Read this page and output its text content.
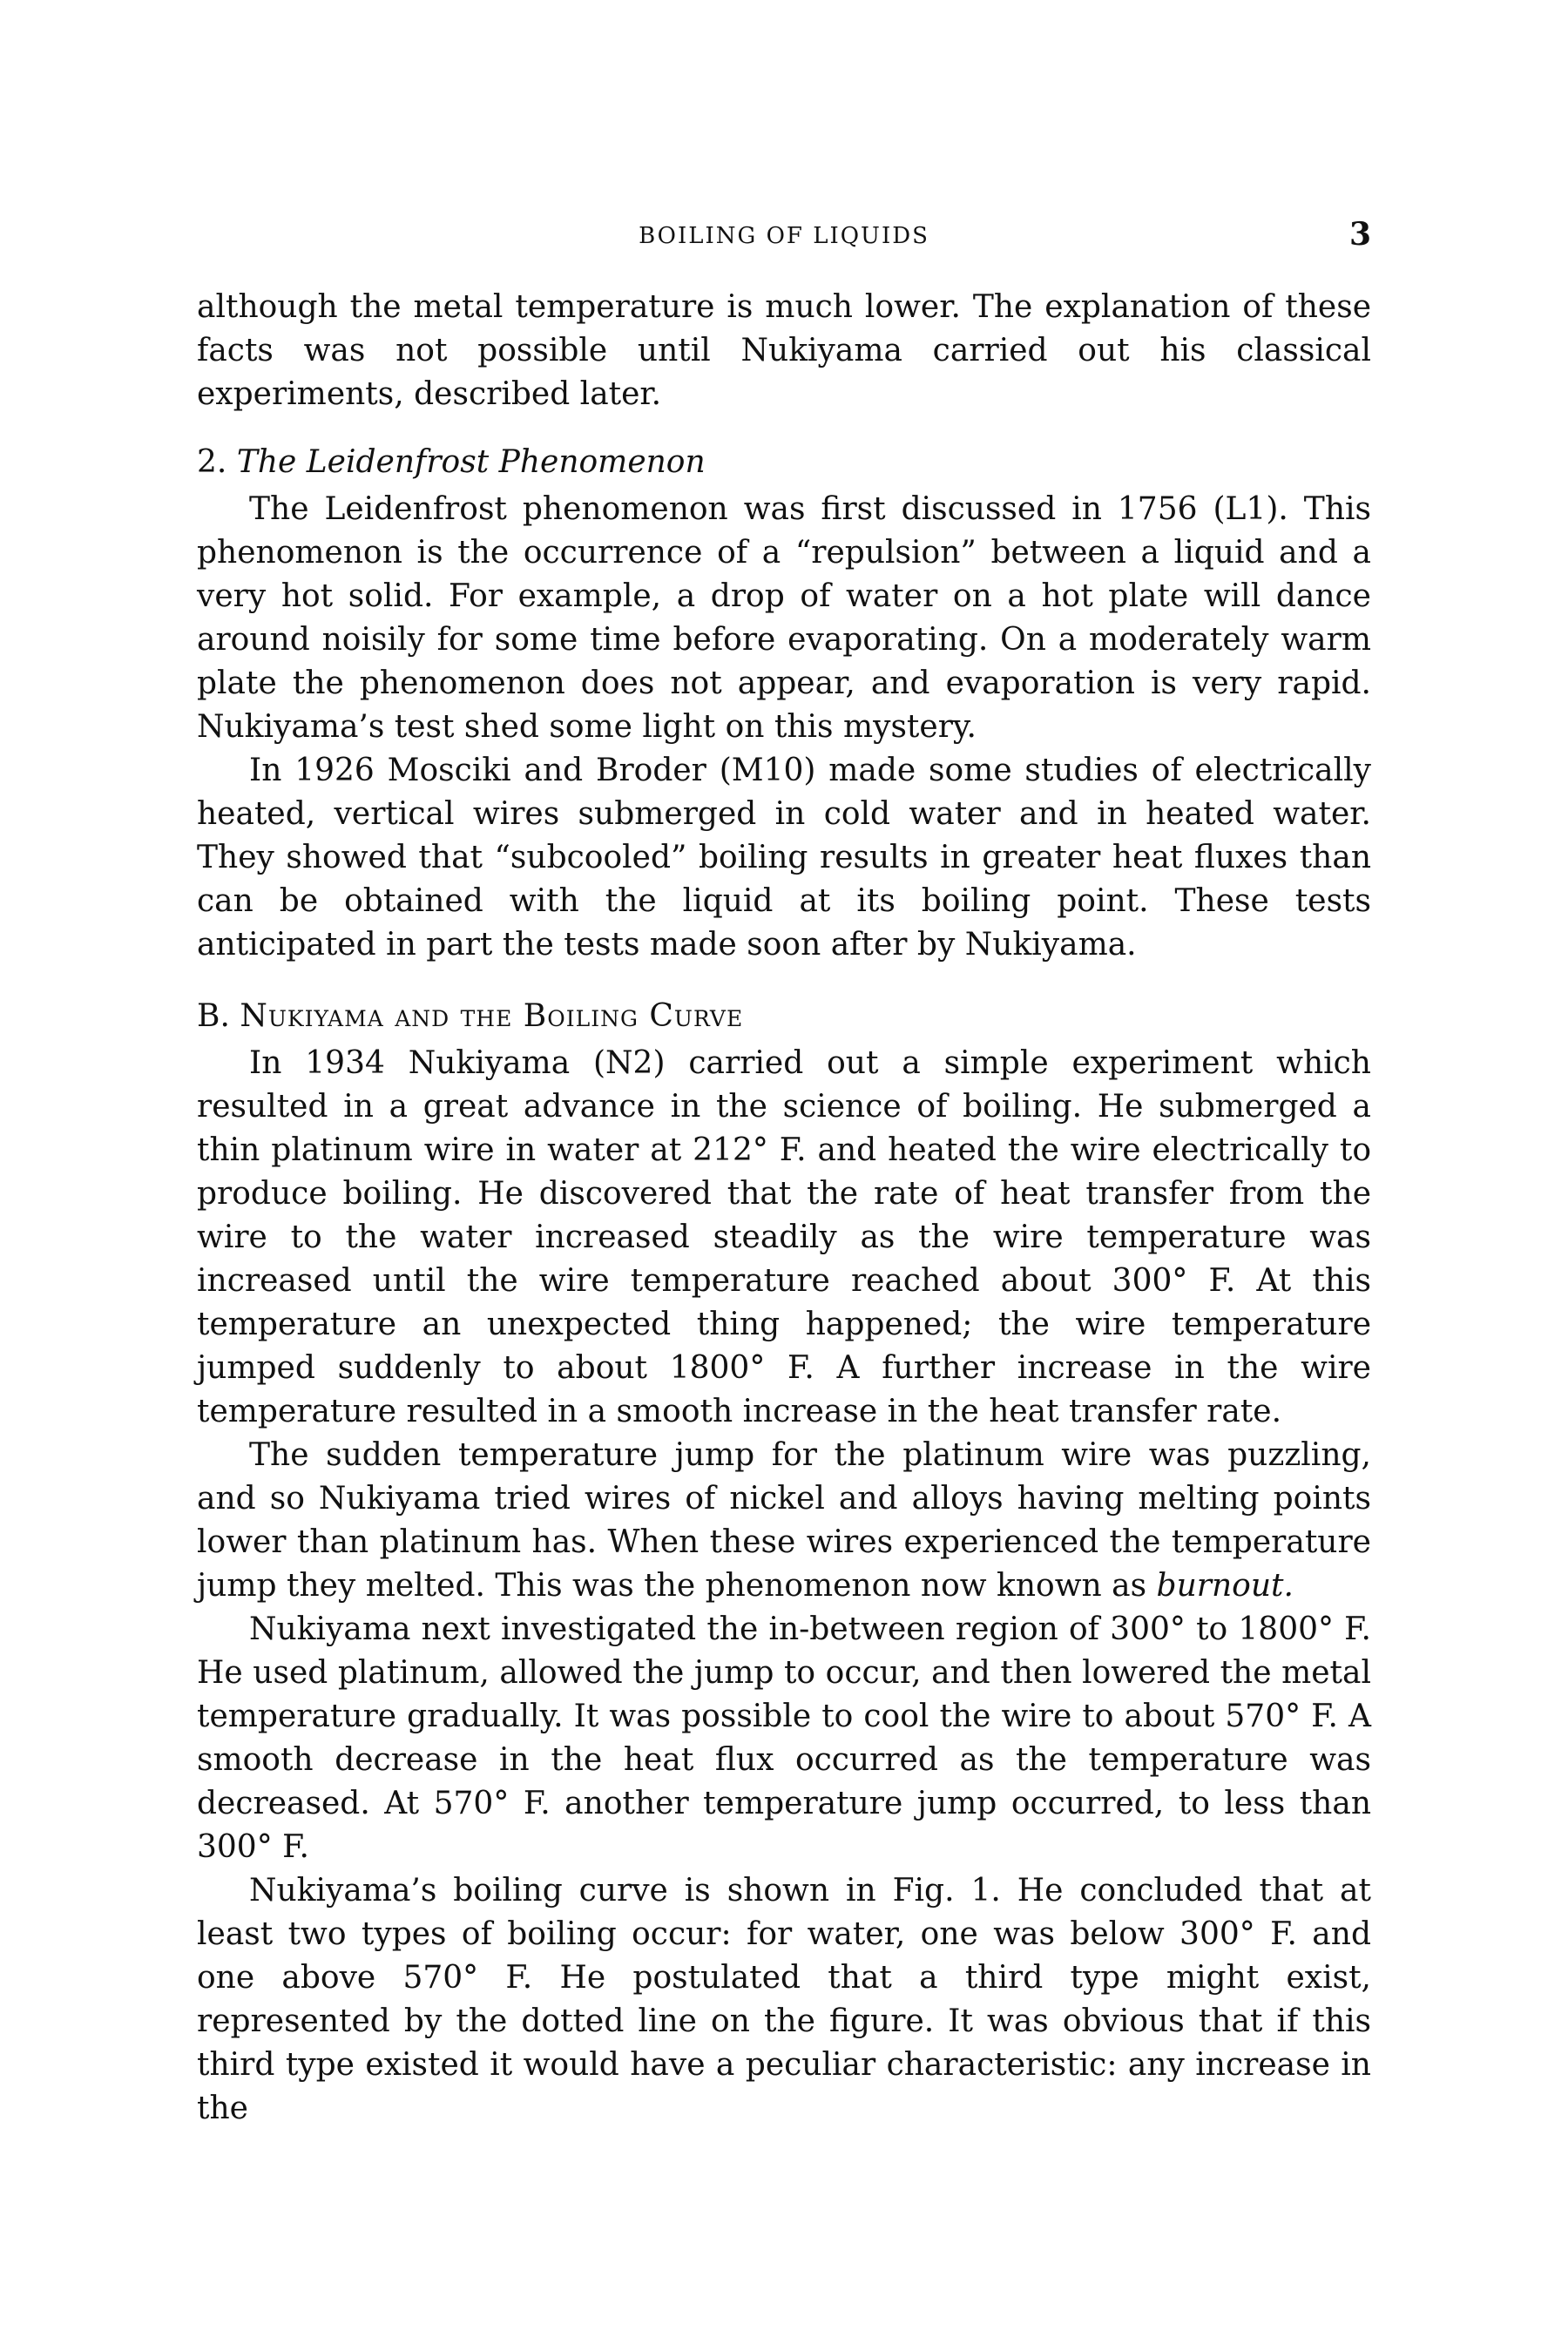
BOILING OF LIQUIDS	3

although the metal temperature is much lower. The explanation of these facts was not possible until Nukiyama carried out his classical experiments, described later.

2. The Leidenfrost Phenomenon

The Leidenfrost phenomenon was first discussed in 1756 (L1). This phenomenon is the occurrence of a “repulsion” between a liquid and a very hot solid. For example, a drop of water on a hot plate will dance around noisily for some time before evaporating. On a moderately warm plate the phenomenon does not appear, and evaporation is very rapid. Nukiyama’s test shed some light on this mystery.

In 1926 Mosciki and Broder (M10) made some studies of electrically heated, vertical wires submerged in cold water and in heated water. They showed that “subcooled” boiling results in greater heat fluxes than can be obtained with the liquid at its boiling point. These tests anticipated in part the tests made soon after by Nukiyama.

B. Nukiyama and the Boiling Curve

In 1934 Nukiyama (N2) carried out a simple experiment which resulted in a great advance in the science of boiling. He submerged a thin platinum wire in water at 212° F. and heated the wire electrically to produce boiling. He discovered that the rate of heat transfer from the wire to the water increased steadily as the wire temperature was increased until the wire temperature reached about 300° F. At this temperature an unexpected thing happened; the wire temperature jumped suddenly to about 1800° F. A further increase in the wire temperature resulted in a smooth increase in the heat transfer rate.

The sudden temperature jump for the platinum wire was puzzling, and so Nukiyama tried wires of nickel and alloys having melting points lower than platinum has. When these wires experienced the temperature jump they melted. This was the phenomenon now known as burnout.

Nukiyama next investigated the in-between region of 300° to 1800° F. He used platinum, allowed the jump to occur, and then lowered the metal temperature gradually. It was possible to cool the wire to about 570° F. A smooth decrease in the heat flux occurred as the temperature was decreased. At 570° F. another temperature jump occurred, to less than 300° F.

Nukiyama’s boiling curve is shown in Fig. 1. He concluded that at least two types of boiling occur: for water, one was below 300° F. and one above 570° F. He postulated that a third type might exist, represented by the dotted line on the figure. It was obvious that if this third type existed it would have a peculiar characteristic: any increase in the
